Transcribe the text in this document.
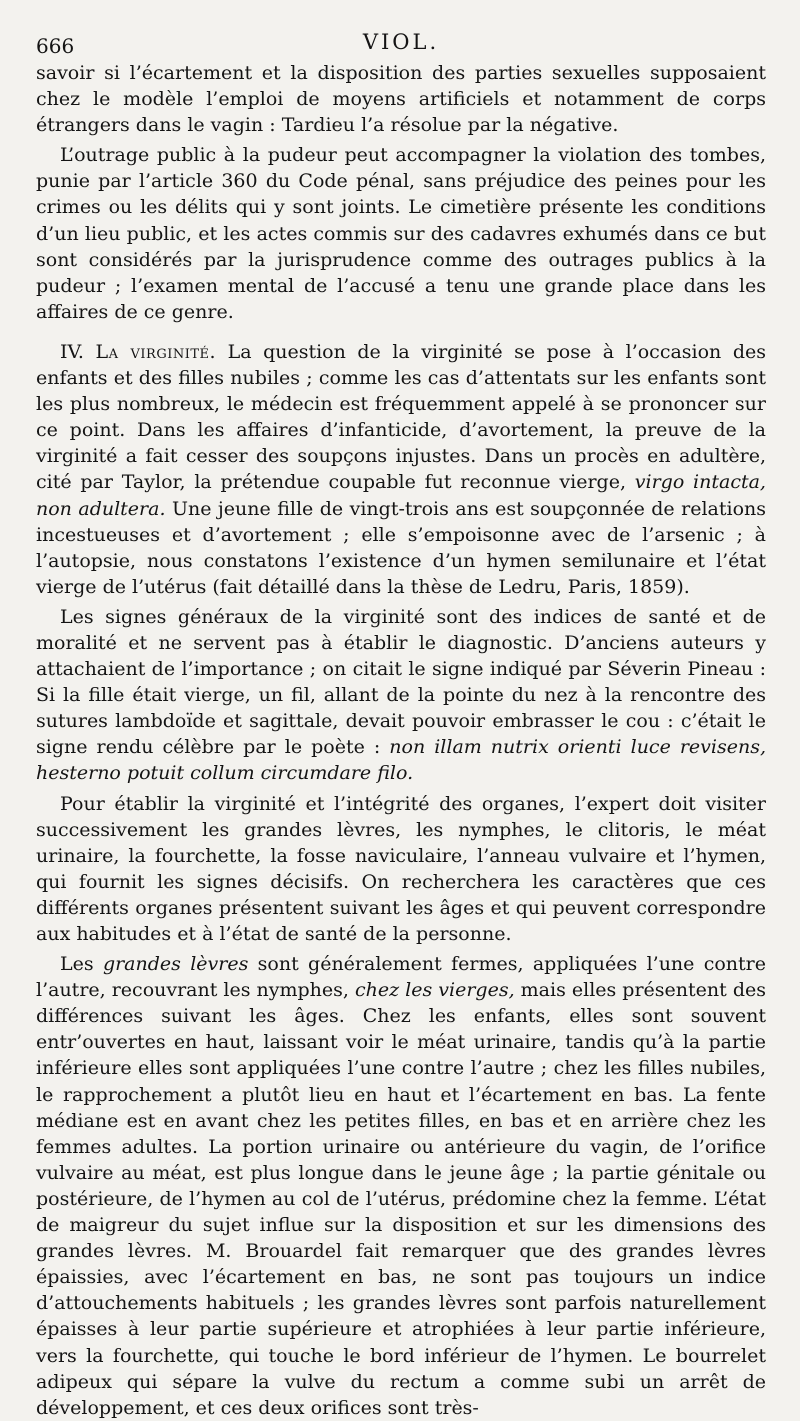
666	VIOL.

savoir si l’écartement et la disposition des parties sexuelles supposaient chez le modèle l’emploi de moyens artificiels et notamment de corps étrangers dans le vagin : Tardieu l’a résolue par la négative.

L’outrage public à la pudeur peut accompagner la violation des tombes, punie par l’article 360 du Code pénal, sans préjudice des peines pour les crimes ou les délits qui y sont joints. Le cimetière présente les conditions d’un lieu public, et les actes commis sur des cadavres exhumés dans ce but sont considérés par la jurisprudence comme des outrages publics à la pudeur ; l’examen mental de l’accusé a tenu une grande place dans les affaires de ce genre.

IV. La virginité. La question de la virginité se pose à l’occasion des enfants et des filles nubiles ; comme les cas d’attentats sur les enfants sont les plus nombreux, le médecin est fréquemment appelé à se prononcer sur ce point. Dans les affaires d’infanticide, d’avortement, la preuve de la virginité a fait cesser des soupçons injustes. Dans un procès en adultère, cité par Taylor, la prétendue coupable fut reconnue vierge, virgo intacta, non adultera. Une jeune fille de vingt-trois ans est soupçonnée de relations incestueuses et d’avortement ; elle s’empoisonne avec de l’arsenic ; à l’autopsie, nous constatons l’existence d’un hymen semilunaire et l’état vierge de l’utérus (fait détaillé dans la thèse de Ledru, Paris, 1859).

Les signes généraux de la virginité sont des indices de santé et de moralité et ne servent pas à établir le diagnostic. D’anciens auteurs y attachaient de l’importance ; on citait le signe indiqué par Séverin Pineau : Si la fille était vierge, un fil, allant de la pointe du nez à la rencontre des sutures lambdoïde et sagittale, devait pouvoir embrasser le cou : c’était le signe rendu célèbre par le poète : non illam nutrix orienti luce revisens, hesterno potuit collum circumdare filo.

Pour établir la virginité et l’intégrité des organes, l’expert doit visiter successivement les grandes lèvres, les nymphes, le clitoris, le méat urinaire, la fourchette, la fosse naviculaire, l’anneau vulvaire et l’hymen, qui fournit les signes décisifs. On recherchera les caractères que ces différents organes présentent suivant les âges et qui peuvent correspondre aux habitudes et à l’état de santé de la personne.

Les grandes lèvres sont généralement fermes, appliquées l’une contre l’autre, recouvrant les nymphes, chez les vierges, mais elles présentent des différences suivant les âges. Chez les enfants, elles sont souvent entr’ouvertes en haut, laissant voir le méat urinaire, tandis qu’à la partie inférieure elles sont appliquées l’une contre l’autre ; chez les filles nubiles, le rapprochement a plutôt lieu en haut et l’écartement en bas. La fente médiane est en avant chez les petites filles, en bas et en arrière chez les femmes adultes. La portion urinaire ou antérieure du vagin, de l’orifice vulvaire au méat, est plus longue dans le jeune âge ; la partie génitale ou postérieure, de l’hymen au col de l’utérus, prédomine chez la femme. L’état de maigreur du sujet influe sur la disposition et sur les dimensions des grandes lèvres. M. Brouardel fait remarquer que des grandes lèvres épaissies, avec l’écartement en bas, ne sont pas toujours un indice d’attouchements habituels ; les grandes lèvres sont parfois naturellement épaisses à leur partie supérieure et atrophiées à leur partie inférieure, vers la fourchette, qui touche le bord inférieur de l’hymen. Le bourrelet adipeux qui sépare la vulve du rectum a comme subi un arrêt de développement, et ces deux orifices sont très-
